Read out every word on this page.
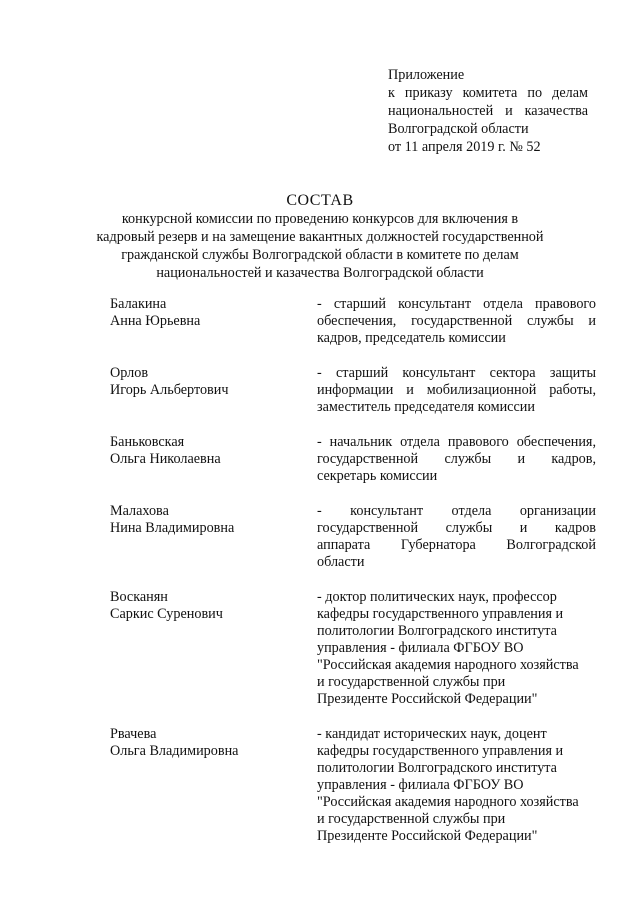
Приложение
к приказу комитета по делам
национальностей и казачества
Волгоградской области
от 11 апреля 2019 г. № 52
СОСТАВ
конкурсной комиссии по проведению конкурсов для включения в
кадровый резерв и на замещение вакантных должностей государственной
гражданской службы Волгоградской области в комитете по делам
национальностей и казачества Волгоградской области
Балакина
Анна Юрьевна
- старший консультант отдела правового
обеспечения, государственной службы и
кадров, председатель комиссии
Орлов
Игорь Альбертович
- старший консультант сектора защиты
информации и мобилизационной работы,
заместитель председателя комиссии
Баньковская
Ольга Николаевна
- начальник отдела правового обеспечения,
государственной службы и кадров,
секретарь комиссии
Малахова
Нина Владимировна
- консультант отдела организации
государственной службы и кадров
аппарата Губернатора Волгоградской
области
Восканян
Саркис Суренович
- доктор политических наук, профессор
кафедры государственного управления и
политологии Волгоградского института
управления - филиала ФГБОУ ВО
"Российская академия народного хозяйства
и государственной службы при
Президенте Российской Федерации"
Рвачева
Ольга Владимировна
- кандидат исторических наук, доцент
кафедры государственного управления и
политологии Волгоградского института
управления - филиала ФГБОУ ВО
"Российская академия народного хозяйства
и государственной службы при
Президенте Российской Федерации"
